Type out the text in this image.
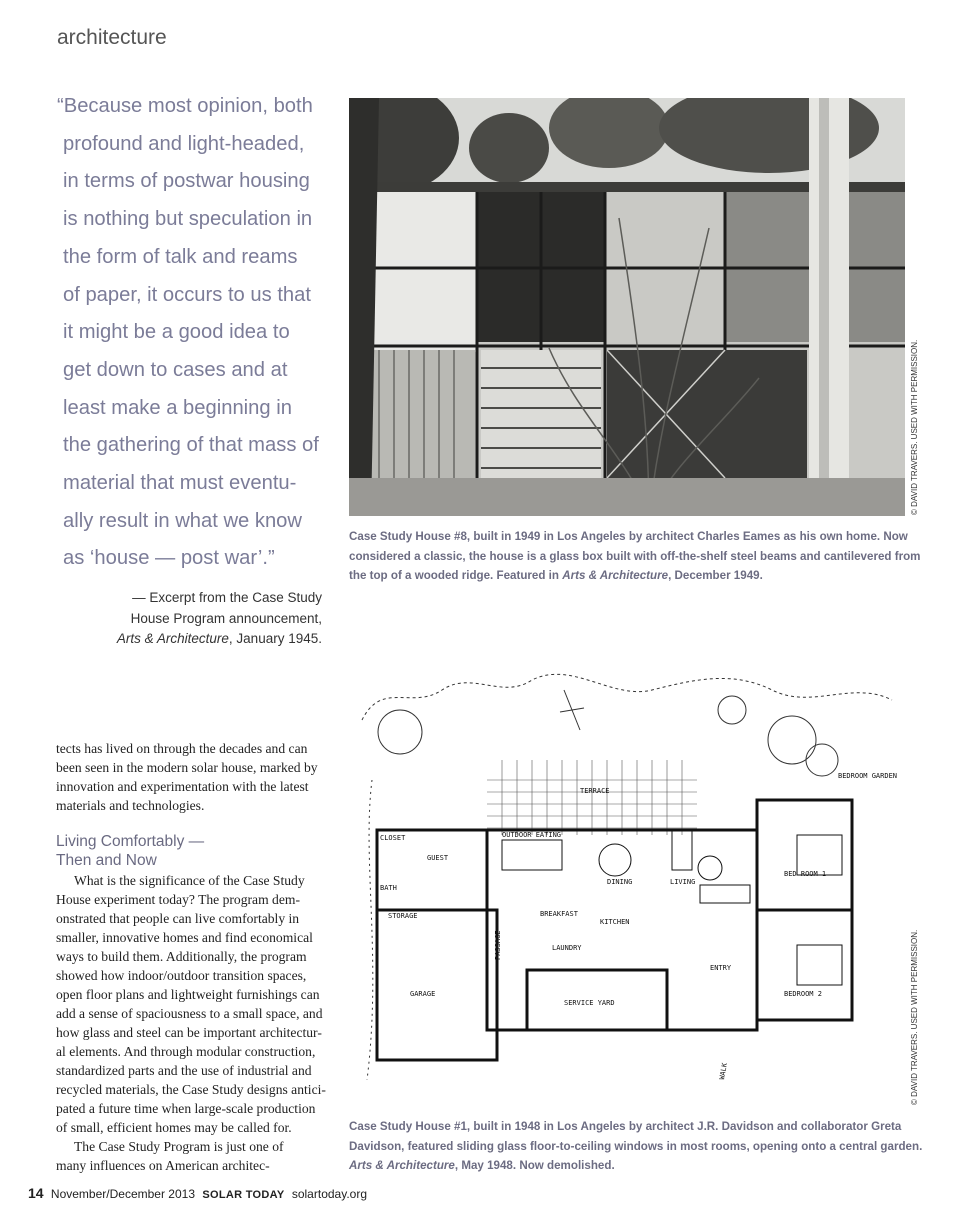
architecture
“Because most opinion, both
profound and light-headed,
in terms of postwar housing
is nothing but speculation in
the form of talk and reams
of paper, it occurs to us that
it might be a good idea to
get down to cases and at
least make a beginning in
the gathering of that mass of
material that must eventu-
ally result in what we know
as ‘house — post war’.”
— Excerpt from the Case Study
House Program announcement,
Arts & Architecture, January 1945.
© DAVID TRAVERS. USED WITH PERMISSION.
Case Study House #8, built in 1949 in Los Angeles by architect Charles Eames as his own home. Now
considered a classic, the house is a glass box built with off-the-shelf steel beams and cantilevered from
the top of a wooded ridge. Featured in Arts & Architecture, December 1949.
TERRACE
OUTDOOR EATING
CLOSET
GUEST
BATH
STORAGE
GARAGE
DINING	LIVING
BREAKFAST
KITCHEN
LAUNDRY
PASSAGE
SERVICE YARD
ENTRY
BED ROOM 1
BEDROOM 2
BEDROOM GARDEN
WALK	© DAVID TRAVERS. USED WITH PERMISSION.
Case Study House #1, built in 1948 in Los Angeles by architect J.R. Davidson and collaborator Greta
Davidson, featured sliding glass floor-to-ceiling windows in most rooms, opening onto a central garden.
Arts & Architecture, May 1948. Now demolished.
tects has lived on through the decades and can
been seen in the modern solar house, marked by
innovation and experimentation with the latest
materials and technologies.
Living Comfortably —
Then and Now
What is the significance of the Case Study
House experiment today? The program dem-
onstrated that people can live comfortably in
smaller, innovative homes and find economical
ways to build them. Additionally, the program
showed how indoor/outdoor transition spaces,
open floor plans and lightweight furnishings can
add a sense of spaciousness to a small space, and
how glass and steel can be important architectur-
al elements. And through modular construction,
standardized parts and the use of industrial and
recycled materials, the Case Study designs antici-
pated a future time when large-scale production
of small, efficient homes may be called for.
The Case Study Program is just one of
many influences on American architec-
14 November/December 2013 SOLAR TODAY solartoday.org
